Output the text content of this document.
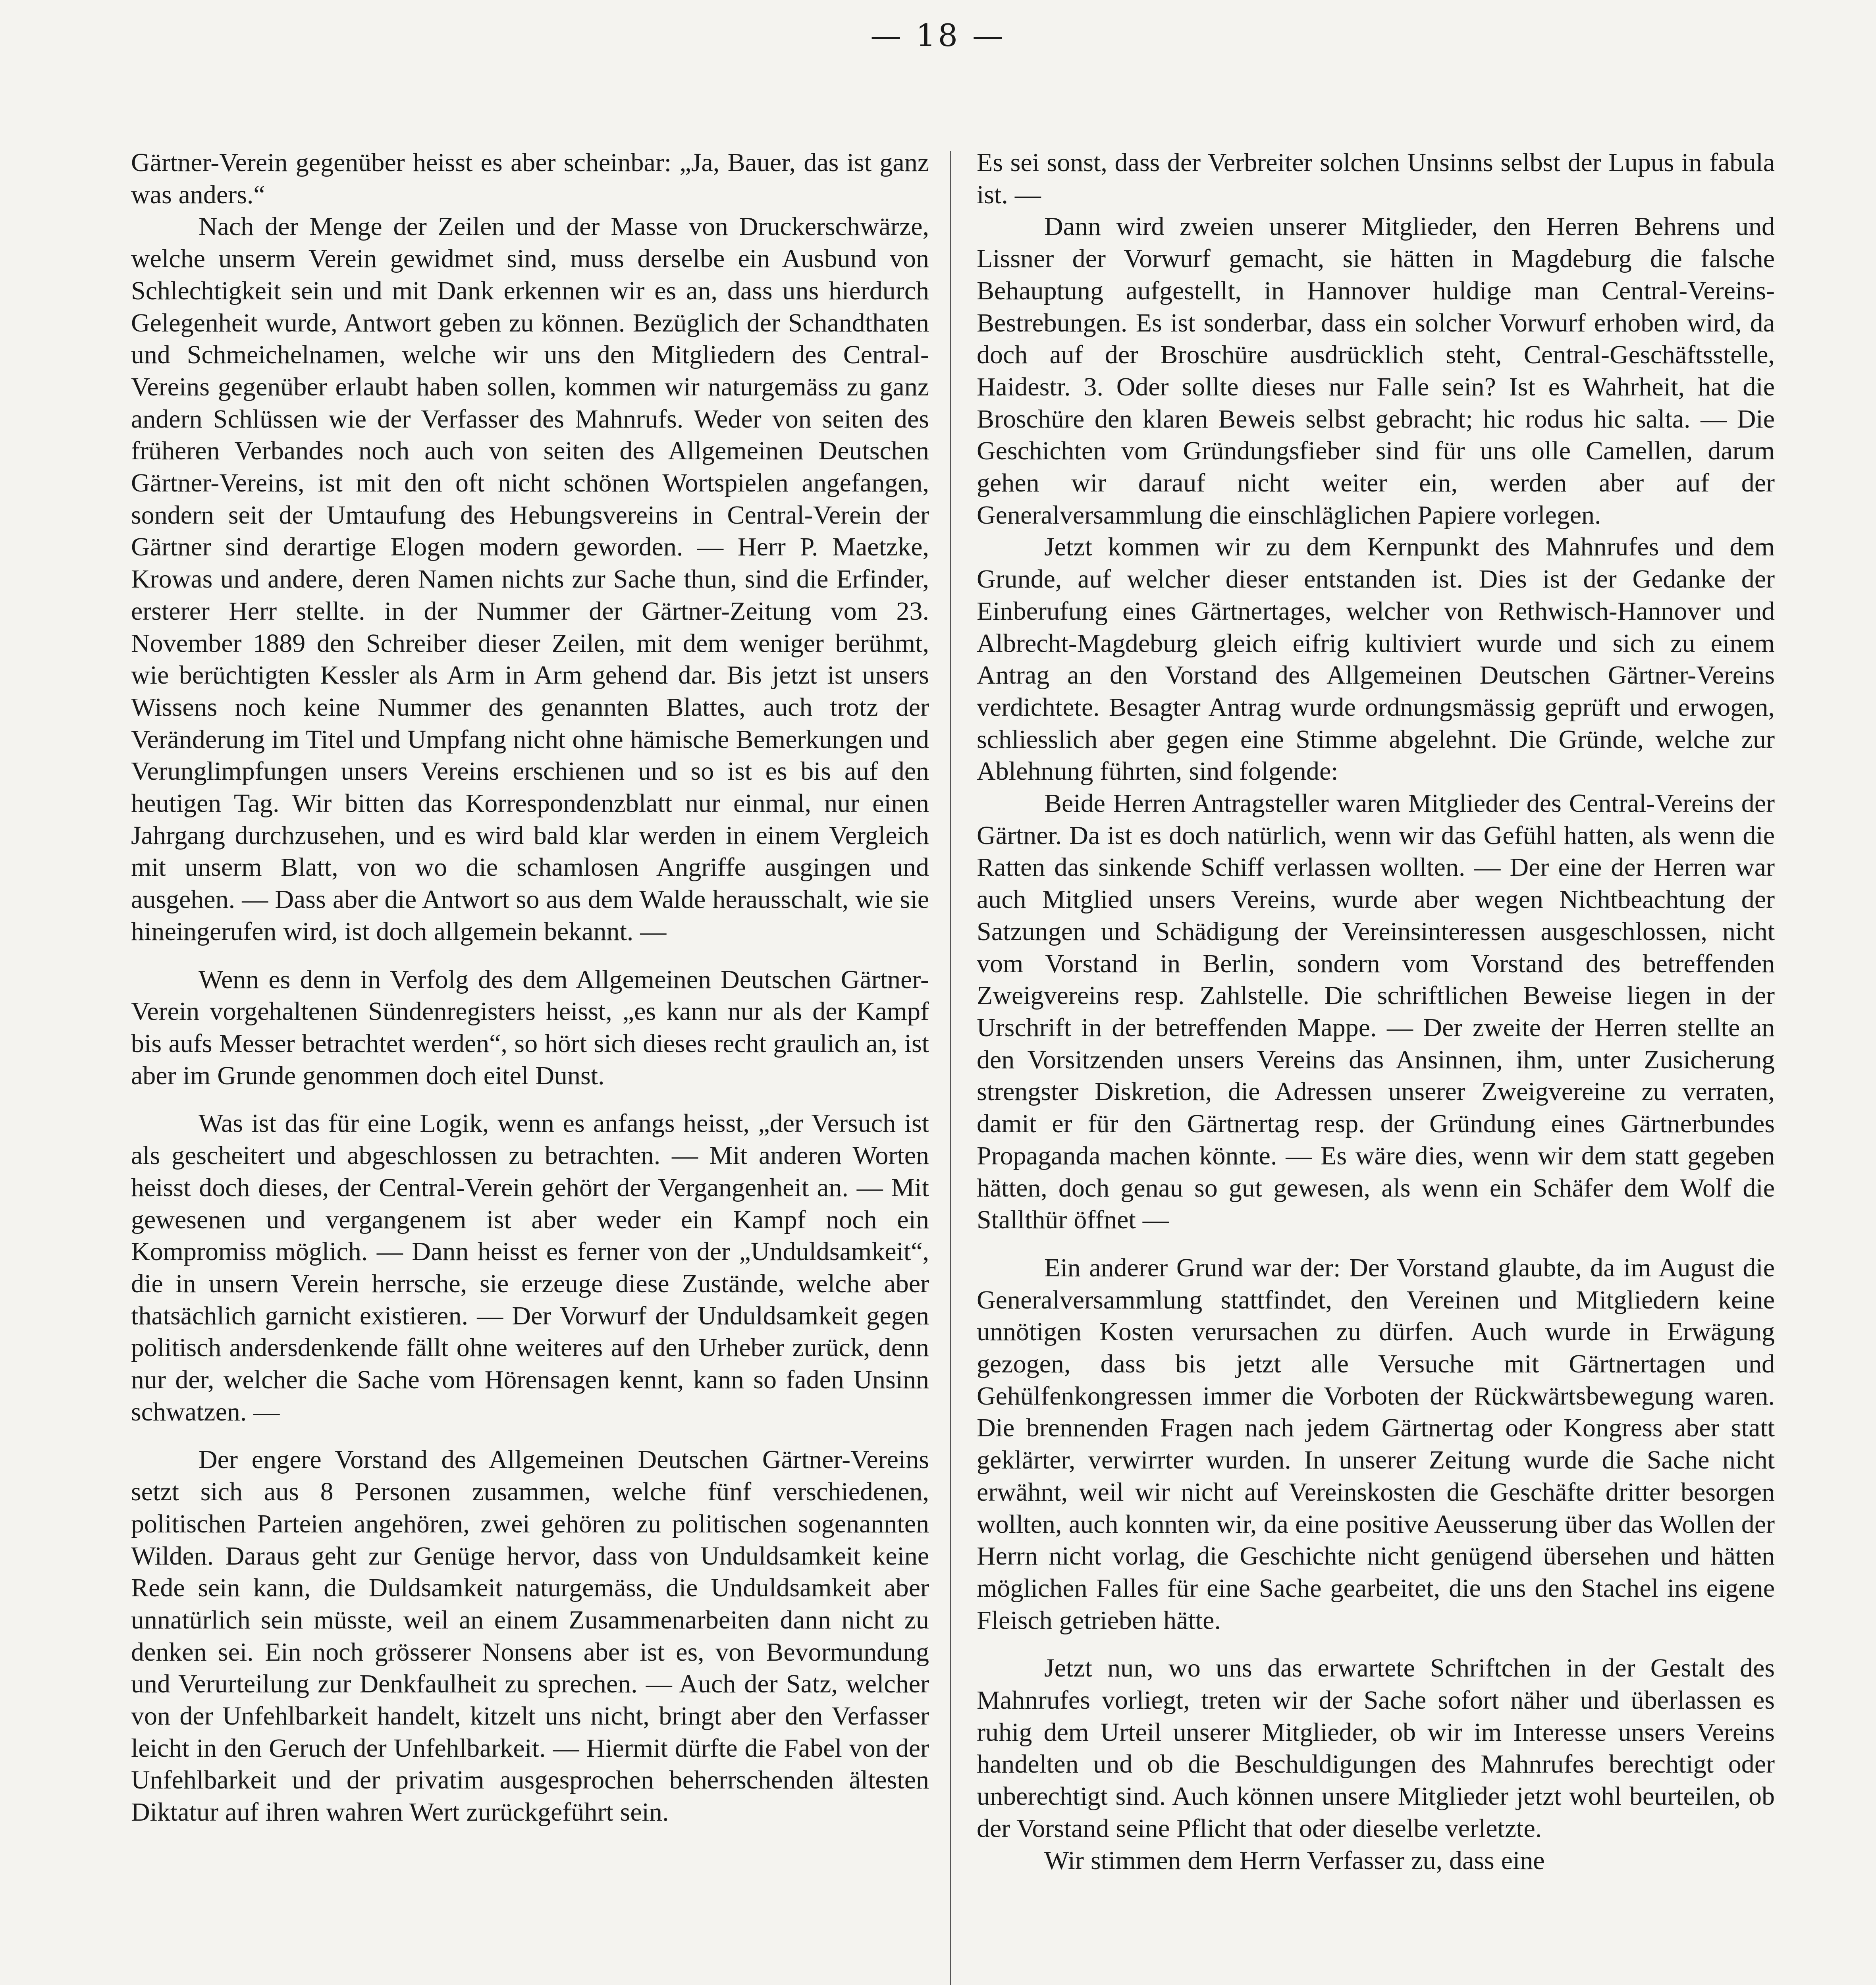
— 18 —

Gärtner-Verein gegenüber heisst es aber scheinbar: „Ja, Bauer, das ist ganz was anders.“

Nach der Menge der Zeilen und der Masse von Druckerschwärze, welche unserm Verein gewidmet sind, muss derselbe ein Ausbund von Schlechtigkeit sein und mit Dank erkennen wir es an, dass uns hierdurch Gelegenheit wurde, Antwort geben zu können. Bezüglich der Schandthaten und Schmeichelnamen, welche wir uns den Mitgliedern des Central-Vereins gegenüber erlaubt haben sollen, kommen wir naturgemäss zu ganz andern Schlüssen wie der Verfasser des Mahnrufs. Weder von seiten des früheren Verbandes noch auch von seiten des Allgemeinen Deutschen Gärtner-Vereins, ist mit den oft nicht schönen Wortspielen angefangen, sondern seit der Umtaufung des Hebungsvereins in Central-Verein der Gärtner sind derartige Elogen modern geworden. — Herr P. Maetzke, Krowas und andere, deren Namen nichts zur Sache thun, sind die Erfinder, ersterer Herr stellte. in der Nummer der Gärtner-Zeitung vom 23. November 1889 den Schreiber dieser Zeilen, mit dem weniger berühmt, wie berüchtigten Kessler als Arm in Arm gehend dar. Bis jetzt ist unsers Wissens noch keine Nummer des genannten Blattes, auch trotz der Veränderung im Titel und Umpfang nicht ohne hämische Bemerkungen und Verunglimpfungen unsers Vereins erschienen und so ist es bis auf den heutigen Tag. Wir bitten das Korrespondenzblatt nur einmal, nur einen Jahrgang durchzusehen, und es wird bald klar werden in einem Vergleich mit unserm Blatt, von wo die schamlosen Angriffe ausgingen und ausgehen. — Dass aber die Antwort so aus dem Walde herausschalt, wie sie hineingerufen wird, ist doch allgemein bekannt. —

Wenn es denn in Verfolg des dem Allgemeinen Deutschen Gärtner-Verein vorgehaltenen Sündenregisters heisst, „es kann nur als der Kampf bis aufs Messer betrachtet werden“, so hört sich dieses recht graulich an, ist aber im Grunde genommen doch eitel Dunst.

Was ist das für eine Logik, wenn es anfangs heisst, „der Versuch ist als gescheitert und abgeschlossen zu betrachten. — Mit anderen Worten heisst doch dieses, der Central-Verein gehört der Vergangenheit an. — Mit gewesenen und vergangenem ist aber weder ein Kampf noch ein Kompromiss möglich. — Dann heisst es ferner von der „Unduldsamkeit“, die in unsern Verein herrsche, sie erzeuge diese Zustände, welche aber thatsächlich garnicht existieren. — Der Vorwurf der Unduldsamkeit gegen politisch andersdenkende fällt ohne weiteres auf den Urheber zurück, denn nur der, welcher die Sache vom Hörensagen kennt, kann so faden Unsinn schwatzen. —

Der engere Vorstand des Allgemeinen Deutschen Gärtner-Vereins setzt sich aus 8 Personen zusammen, welche fünf verschiedenen, politischen Parteien angehören, zwei gehören zu politischen sogenannten Wilden. Daraus geht zur Genüge hervor, dass von Unduldsamkeit keine Rede sein kann, die Duldsamkeit naturgemäss, die Unduldsamkeit aber unnatürlich sein müsste, weil an einem Zusammenarbeiten dann nicht zu denken sei. Ein noch grösserer Nonsens aber ist es, von Bevormundung und Verurteilung zur Denkfaulheit zu sprechen. — Auch der Satz, welcher von der Unfehlbarkeit handelt, kitzelt uns nicht, bringt aber den Verfasser leicht in den Geruch der Unfehlbarkeit. — Hiermit dürfte die Fabel von der Unfehlbarkeit und der privatim ausgesprochen beherrschenden ältesten Diktatur auf ihren wahren Wert zurückgeführt sein.

Es sei sonst, dass der Verbreiter solchen Unsinns selbst der Lupus in fabula ist. —

Dann wird zweien unserer Mitglieder, den Herren Behrens und Lissner der Vorwurf gemacht, sie hätten in Magdeburg die falsche Behauptung aufgestellt, in Hannover huldige man Central-Vereins-Bestrebungen. Es ist sonderbar, dass ein solcher Vorwurf erhoben wird, da doch auf der Broschüre ausdrücklich steht, Central-Geschäftsstelle, Haidestr. 3. Oder sollte dieses nur Falle sein? Ist es Wahrheit, hat die Broschüre den klaren Beweis selbst gebracht; hic rodus hic salta. — Die Geschichten vom Gründungsfieber sind für uns olle Camellen, darum gehen wir darauf nicht weiter ein, werden aber auf der Generalversammlung die einschläglichen Papiere vorlegen.

Jetzt kommen wir zu dem Kernpunkt des Mahnrufes und dem Grunde, auf welcher dieser entstanden ist. Dies ist der Gedanke der Einberufung eines Gärtnertages, welcher von Rethwisch-Hannover und Albrecht-Magdeburg gleich eifrig kultiviert wurde und sich zu einem Antrag an den Vorstand des Allgemeinen Deutschen Gärtner-Vereins verdichtete. Besagter Antrag wurde ordnungsmässig geprüft und erwogen, schliesslich aber gegen eine Stimme abgelehnt. Die Gründe, welche zur Ablehnung führten, sind folgende:

Beide Herren Antragsteller waren Mitglieder des Central-Vereins der Gärtner. Da ist es doch natürlich, wenn wir das Gefühl hatten, als wenn die Ratten das sinkende Schiff verlassen wollten. — Der eine der Herren war auch Mitglied unsers Vereins, wurde aber wegen Nichtbeachtung der Satzungen und Schädigung der Vereinsinteressen ausgeschlossen, nicht vom Vorstand in Berlin, sondern vom Vorstand des betreffenden Zweigvereins resp. Zahlstelle. Die schriftlichen Beweise liegen in der Urschrift in der betreffenden Mappe. — Der zweite der Herren stellte an den Vorsitzenden unsers Vereins das Ansinnen, ihm, unter Zusicherung strengster Diskretion, die Adressen unserer Zweigvereine zu verraten, damit er für den Gärtnertag resp. der Gründung eines Gärtnerbundes Propaganda machen könnte. — Es wäre dies, wenn wir dem statt gegeben hätten, doch genau so gut gewesen, als wenn ein Schäfer dem Wolf die Stallthür öffnet —

Ein anderer Grund war der: Der Vorstand glaubte, da im August die Generalversammlung stattfindet, den Vereinen und Mitgliedern keine unnötigen Kosten verursachen zu dürfen. Auch wurde in Erwägung gezogen, dass bis jetzt alle Versuche mit Gärtnertagen und Gehülfenkongressen immer die Vorboten der Rückwärtsbewegung waren. Die brennenden Fragen nach jedem Gärtnertag oder Kongress aber statt geklärter, verwirrter wurden. In unserer Zeitung wurde die Sache nicht erwähnt, weil wir nicht auf Vereinskosten die Geschäfte dritter besorgen wollten, auch konnten wir, da eine positive Aeusserung über das Wollen der Herrn nicht vorlag, die Geschichte nicht genügend übersehen und hätten möglichen Falles für eine Sache gearbeitet, die uns den Stachel ins eigene Fleisch getrieben hätte.

Jetzt nun, wo uns das erwartete Schriftchen in der Gestalt des Mahnrufes vorliegt, treten wir der Sache sofort näher und überlassen es ruhig dem Urteil unserer Mitglieder, ob wir im Interesse unsers Vereins handelten und ob die Beschuldigungen des Mahnrufes berechtigt oder unberechtigt sind. Auch können unsere Mitglieder jetzt wohl beurteilen, ob der Vorstand seine Pflicht that oder dieselbe verletzte.

Wir stimmen dem Herrn Verfasser zu, dass eine
